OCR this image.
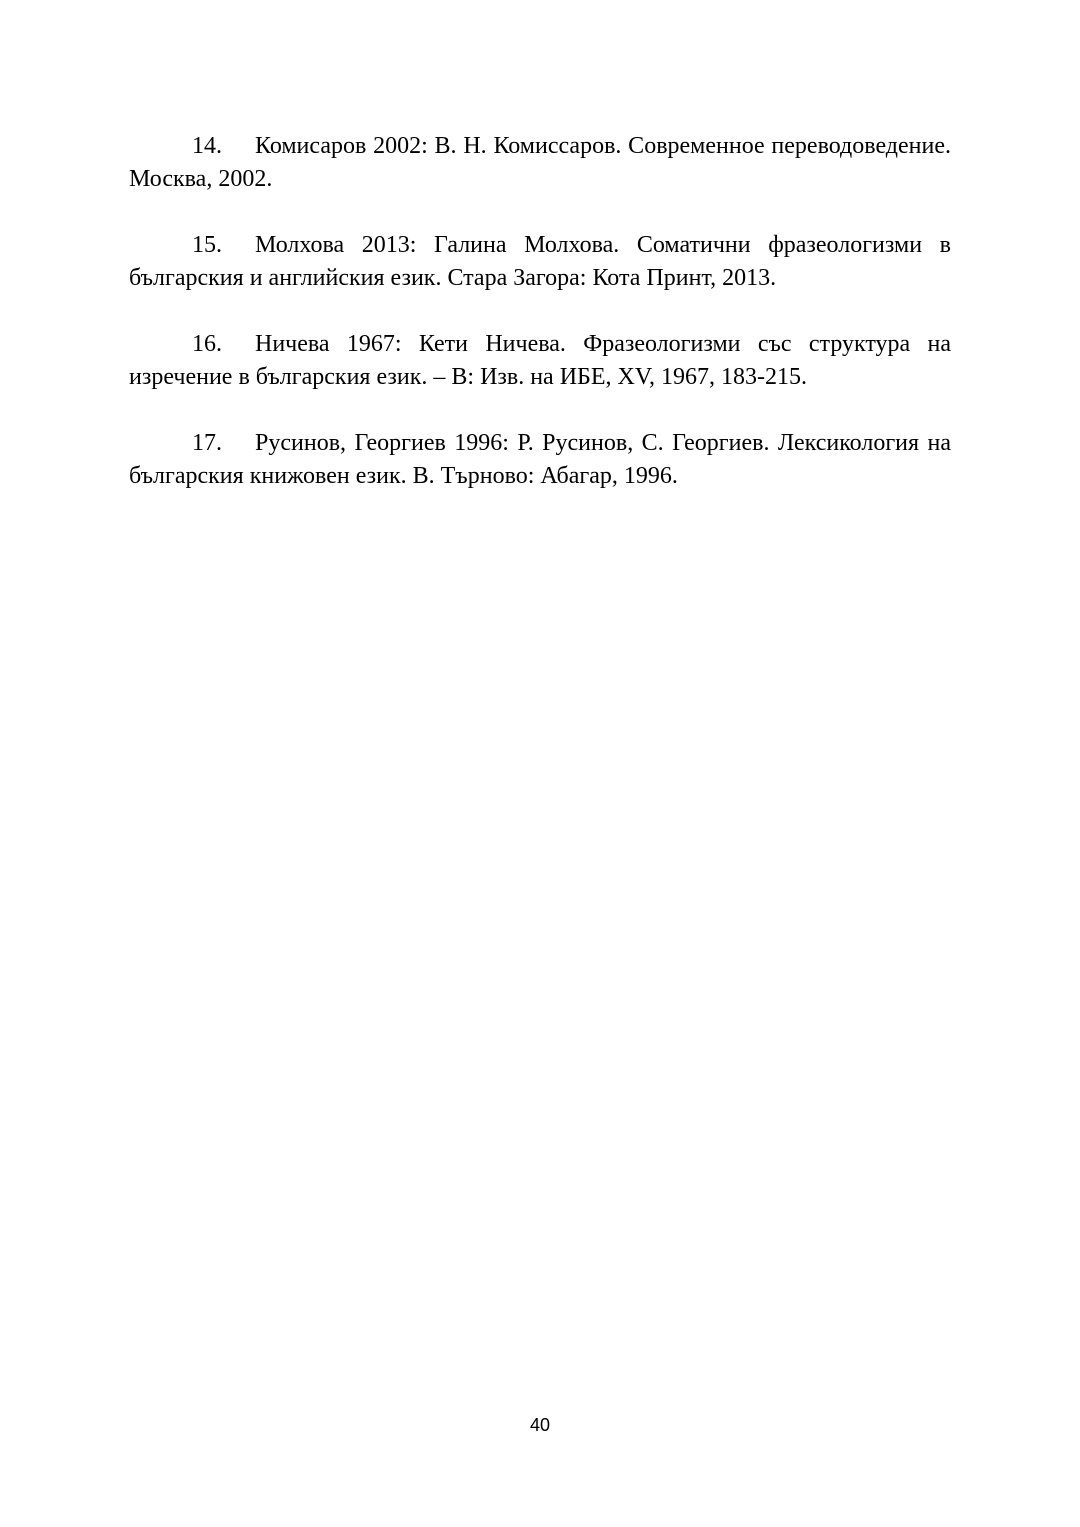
14. Комисаров 2002: В. Н. Комиссаров. Современное переводоведение. Москва, 2002.

15. Молхова 2013: Галина Молхова. Соматични фразеологизми в българския и английския език. Стара Загора: Кота Принт, 2013.

16. Ничева 1967: Кети Ничева. Фразеологизми със структура на изречение в българския език. – В: Изв. на ИБЕ, XV, 1967, 183-215.

17. Русинов, Георгиев 1996: Р. Русинов, С. Георгиев. Лексикология на българския книжовен език. В. Търново: Абагар, 1996.

40
